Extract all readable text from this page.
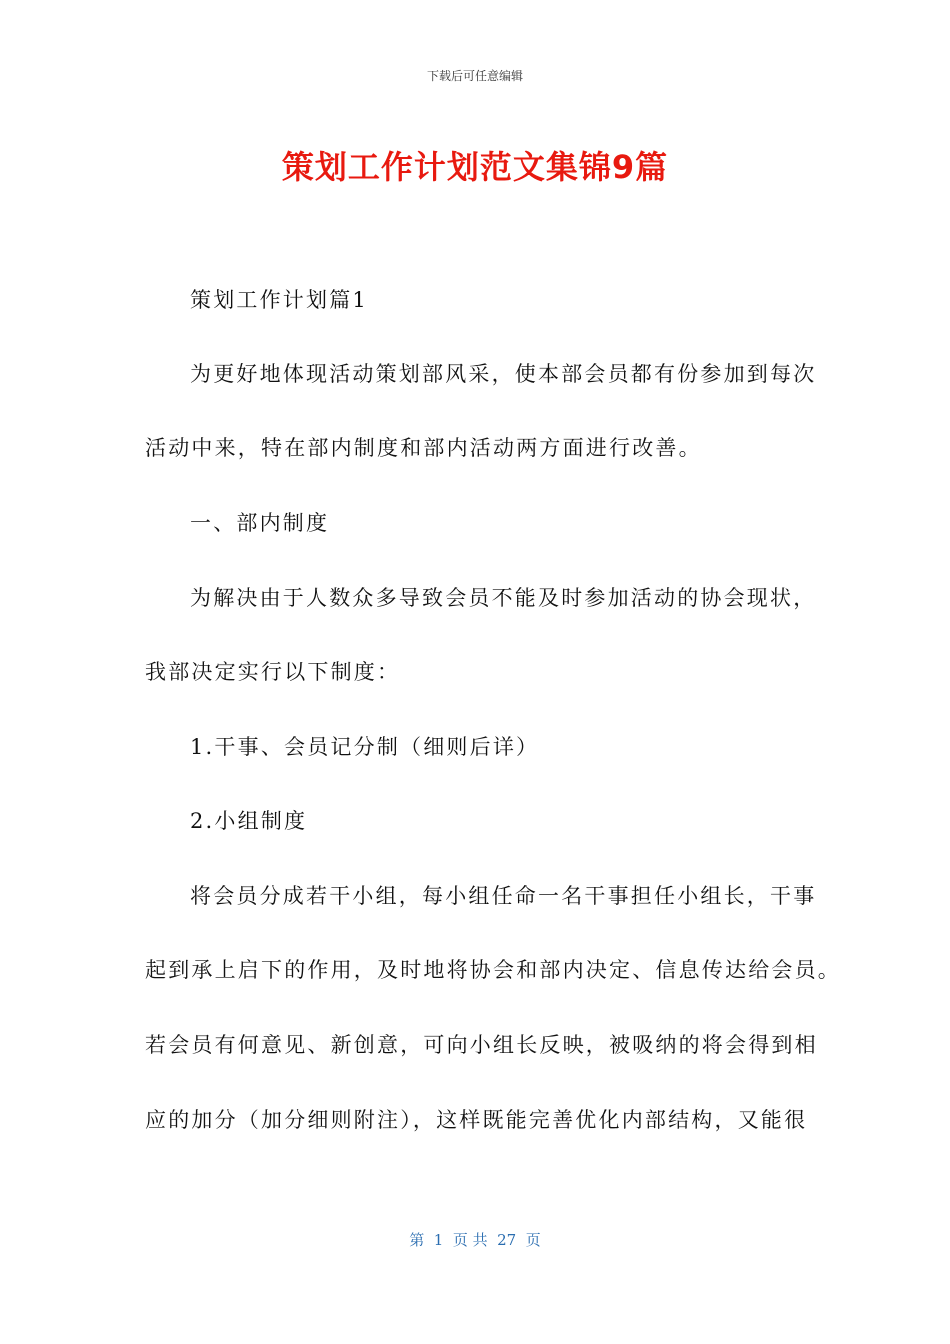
下载后可任意编辑
策划工作计划范文集锦9篇
策划工作计划篇1
为更好地体现活动策划部风采，使本部会员都有份参加到每次
活动中来，特在部内制度和部内活动两方面进行改善。
一、部内制度
为解决由于人数众多导致会员不能及时参加活动的协会现状，
我部决定实行以下制度：
1.干事、会员记分制（细则后详）
2.小组制度
将会员分成若干小组，每小组任命一名干事担任小组长，干事
起到承上启下的作用，及时地将协会和部内决定、信息传达给会员。
若会员有何意见、新创意，可向小组长反映，被吸纳的将会得到相
应的加分（加分细则附注），这样既能完善优化内部结构，又能很
第  1  页 共  27  页
